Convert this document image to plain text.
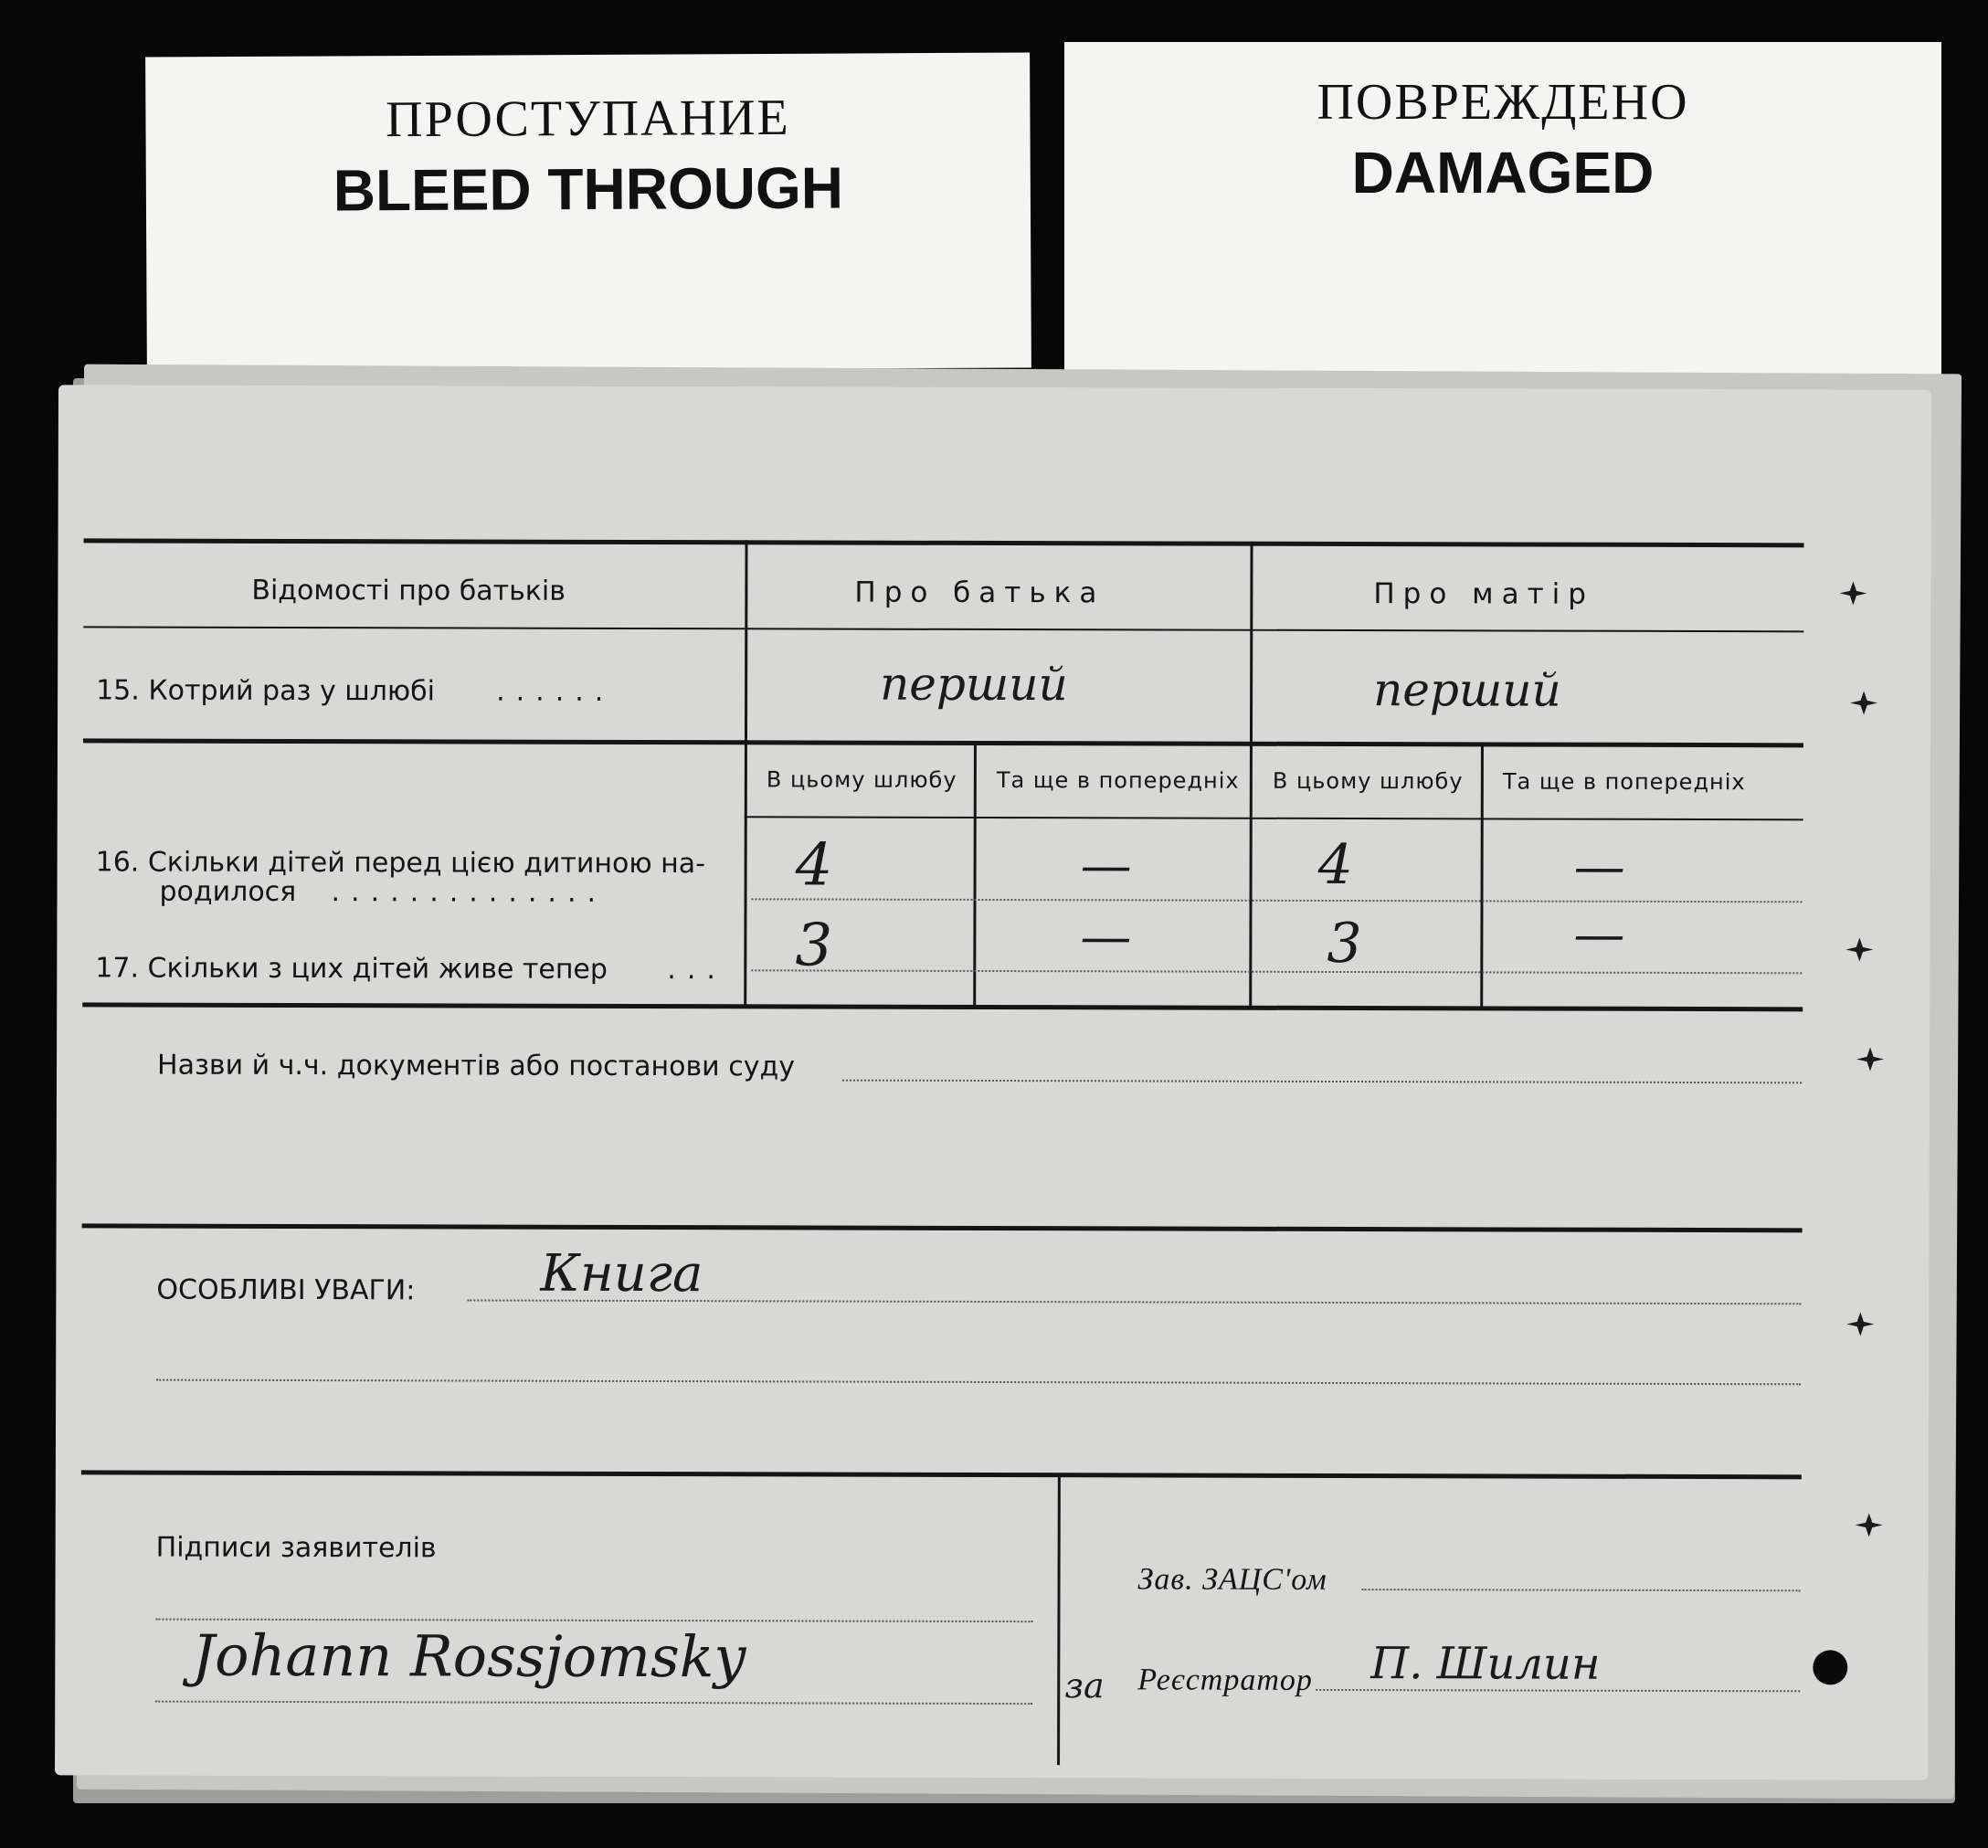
ПРОСТУПАНИЕ
BLEED THROUGH
ПОВРЕЖДЕНО
DAMAGED
Відомості про батьків	Про батька	Про матір
15. Котрий раз у шлюбі ......	перший	перший
В цьому шлюбу Та ще в попередніх В цьому шлюбу Та ще в попередніх
16. Скільки дітей перед цією дитиною на-
родилося ..............	4	—	4	—
17. Скільки з цих дітей живе тепер ... 3	—	3	—
Назви й ч.ч. документів або постанови суду
ОСОБЛИВІ УВАГИ: Книга
Підписи заявителів
Johann Rossjomsky
Зав. ЗАЦС'ом
за Реєстратор П. Шилин
